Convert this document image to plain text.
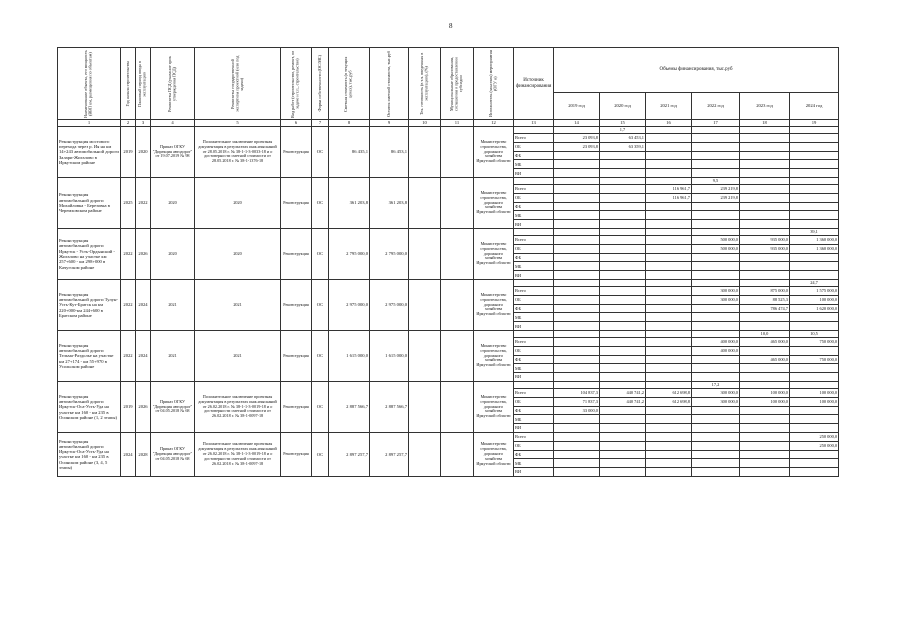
8
Наименование объекта, его мощность (ВВП км, размещения по объектам)	Год начала строительства	Плановый период ввода в эксплуатацию	Реквизиты ПСД (указание срок утверждения ПСД)	Реквизиты государственной экспертизы проектной (или под задачи)	Вид работ (строительство, ремонт, по задаче и т.п., строительство)	Форма собственности (ОС/МС)	Сметная стоимость (в текущих ценах), тыс.руб	Остаток сметной стоимости, тыс.руб	Тех. готовность (в т.ч. введенных в эксплуатацию), (%)	Муниципальные образования, соглашения о предоставлении субсидии	Исполнитель (заказчик) мероприятия (ОГУ и)	Источник финансирования	Объемы финансирования, тыс.руб					
													2019 год	2020 год	2021 год	2022 год	2023 год	2024 год
1	2	3	4	5	6	7	8	9	10	11	12	13	14	15	16	17	18	19
Реконструкция мостового перехода через р. Ия на км 14+243 автомобильной дороги Залари-Жигалово в Иркутском районе	2019	2020	Приказ ОГКУ "Дирекция автодорог" от 19.07.2019 № 98	Положительное заключение проектная документация в результатах инж.изысканий от 28.05.2018 г. № 38-1-1-3-0033-18 и о достоверности сметной стоимости от 28.05.2018 г. № 38-1-1376-18	Реконструкция	ОС	86 435,1	86 453,1			Министерство строительства, дорожного хозяйства Иркутской области			1,7				
												Всего	23 093,8	63 453,1				
												ОБ	23 093,8	63 359,1				
												ФБ						
												МБ						
												ВИ						
Реконструкция автомобильной дороги Михайловка - Березовка в Черемховском районе	2025	2022	2020	2020	Реконструкция	ОС	361 203,8	361 203,8			Министерство строительства, дорожного хозяйства Иркутской области					9,5		
												Всего			116 961,7	239 219,8		
												ОБ			116 961,7	239 219,8		
												ФБ						
												МБ						
												ВИ						
Реконструкция автомобильной дороги Иркутск - Усть-Ордынский - Жигалово на участке км 257+600 - км 298+000 в Качугском районе	2022	2026	2020	2020	Реконструкция	ОС	2 795 000,0	2 795 000,0			Министерство строительства, дорожного хозяйства Иркутской области							39,1
												Всего				500 000,0	935 000,0	1 360 000,0
												ОБ				500 000,0	935 000,0	1 360 000,0
												ФБ						
												МБ						
												ВИ						
Реконструкция автомобильной дороги Тулун-Усть-Кут-Братск на км 220+000-км 244+600 в Братском районе	2022	2024	2021	2021	Реконструкция	ОС	2 975 000,0	2 975 000,0			Министерство строительства, дорожного хозяйства Иркутской области							24,7
												Всего				300 000,0	875 000,0	1 575 000,0
												ОБ				300 000,0	88 525,3	100 000,0
												ФБ					786 474,7	1 620 000,0
												МБ						
												ВИ						
Реконструкция автомобильной дороги Тельма-Раздолье на участке км 27+174 - км 55+970 в Усольском районе	2022	2024	2021	2021	Реконструкция	ОС	1 615 000,0	1 615 000,0			Министерство строительства, дорожного хозяйства Иркутской области						10,0	10,5
												Всего				400 000,0	465 000,0	750 000,0
												ОБ				400 000,0		
												ФБ					465 000,0	750 000,0
												МБ						
												ВИ						
Реконструкция автомобильной дороги Иркутск-Оса-Усть-Уда на участке км 160 - км 235 в Осинском районе (1, 2 этапы)	2019	2026	Приказ ОГКУ "Дирекция автодорог" от 04.05.2018 № 68	Положительное заключение проектная документация в результатах инж.изысканий от 26.02.2018 г. № 38-1-1-3-0019-18 и о достоверности сметной стоимости от 26.02.2018 г. № 38-1-0097-18	Реконструкция	ОС	2 887 566,7	2 887 566,7			Министерство строительства, дорожного хозяйства Иркутской области					17,2		
												Всего	104 837,3	440 741,2	612 698,8	300 000,0	100 000,0	100 000,0
												ОБ	71 837,3	440 741,2	612 698,8	300 000,0	100 000,0	100 000,0
												ФБ	33 000,0					
												МБ						
												ВИ						
Реконструкция автомобильной дороги Иркутск-Оса-Усть-Уда на участке км 160 - км 235 в Осинском районе (3, 4, 5 этапы)	2024	2028	Приказ ОГКУ "Дирекция автодорог" от 04.05.2018 № 68	Положительное заключение проектная документация в результатах инж.изысканий от 26.02.2018 г. № 38-1-1-3-0019-18 и о достоверности сметной стоимости от 26.02.2018 г. № 38-1-0097-18	Реконструкция	ОС	2 897 257,7	2 897 257,7			Министерство строительства, дорожного хозяйства Иркутской области	Всего						250 000,0
												ОБ						250 000,0
												ФБ						
												МБ						
												ВИ						
